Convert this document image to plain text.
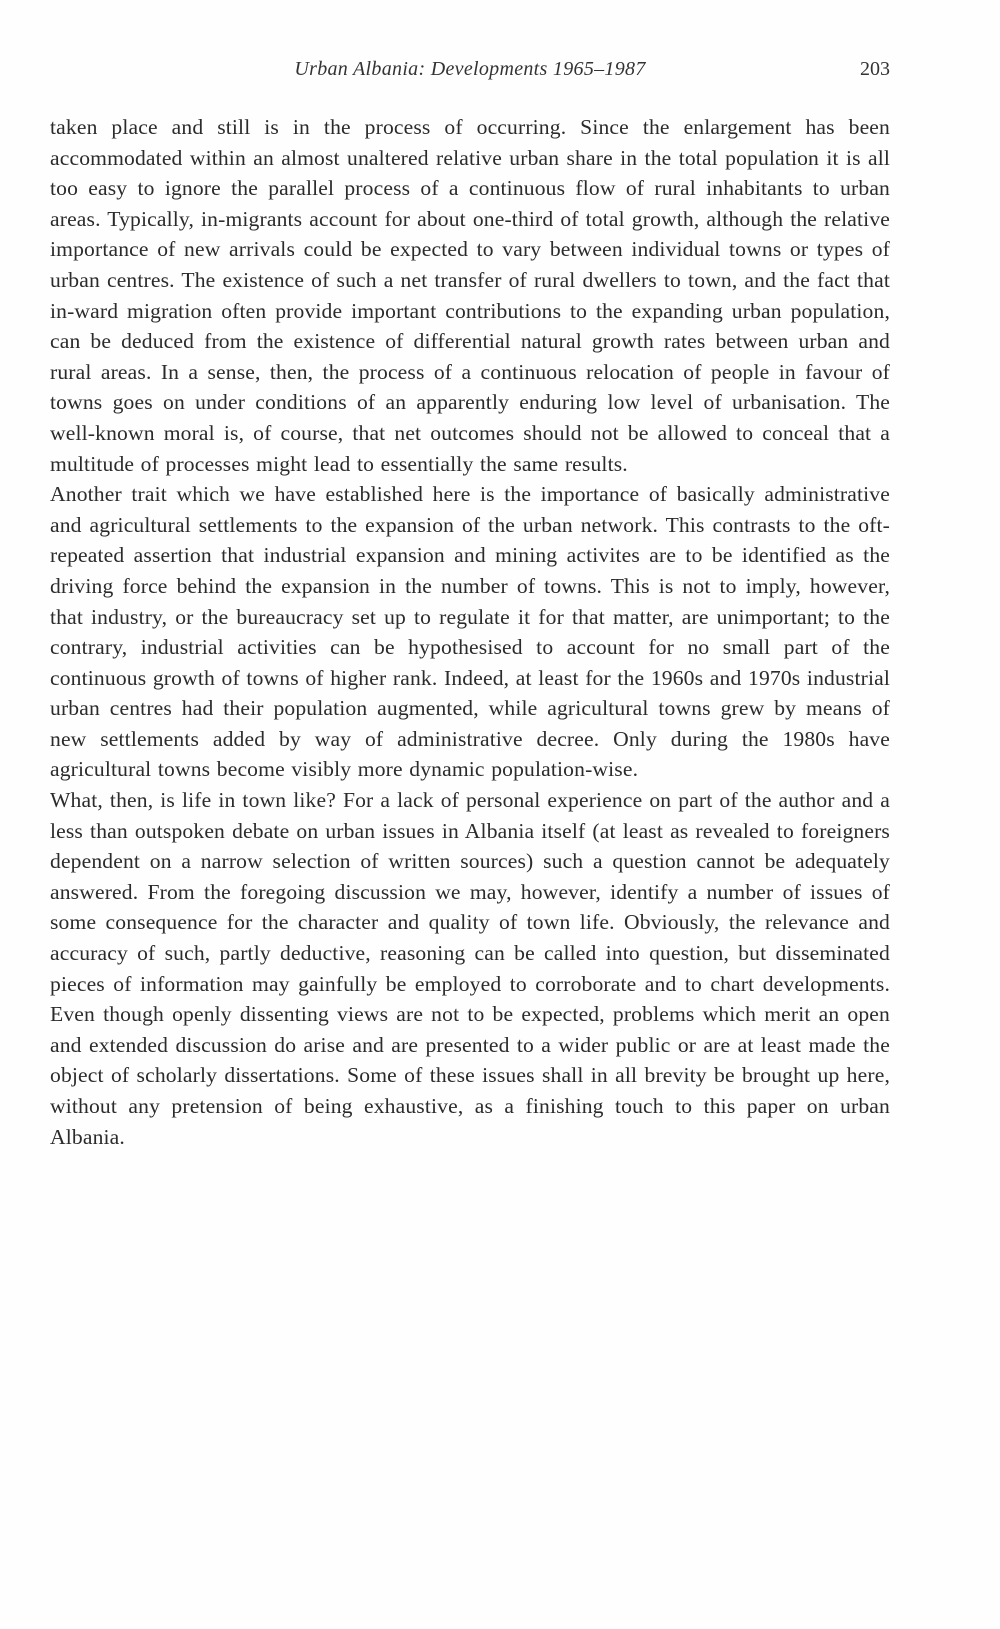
Urban Albania: Developments 1965–1987	203

taken place and still is in the process of occurring. Since the enlargement has been accommodated within an almost unaltered relative urban share in the total population it is all too easy to ignore the parallel process of a continuous flow of rural inhabitants to urban areas. Typically, in-migrants account for about one-third of total growth, although the relative importance of new arrivals could be expected to vary between individual towns or types of urban centres. The existence of such a net transfer of rural dwellers to town, and the fact that in-ward migration often provide important contributions to the expanding urban population, can be deduced from the existence of differential natural growth rates between urban and rural areas. In a sense, then, the process of a continuous relocation of people in favour of towns goes on under conditions of an apparently enduring low level of urbanisation. The well-known moral is, of course, that net outcomes should not be allowed to conceal that a multitude of processes might lead to essentially the same results.

Another trait which we have established here is the importance of basically administrative and agricultural settlements to the expansion of the urban network. This contrasts to the oft-repeated assertion that industrial expansion and mining activites are to be identified as the driving force behind the expansion in the number of towns. This is not to imply, however, that industry, or the bureaucracy set up to regulate it for that matter, are unimportant; to the contrary, industrial activities can be hypothesised to account for no small part of the continuous growth of towns of higher rank. Indeed, at least for the 1960s and 1970s industrial urban centres had their population augmented, while agricultural towns grew by means of new settlements added by way of administrative decree. Only during the 1980s have agricultural towns become visibly more dynamic population-wise.

What, then, is life in town like? For a lack of personal experience on part of the author and a less than outspoken debate on urban issues in Albania itself (at least as revealed to foreigners dependent on a narrow selection of written sources) such a question cannot be adequately answered. From the foregoing discussion we may, however, identify a number of issues of some consequence for the character and quality of town life. Obviously, the relevance and accuracy of such, partly deductive, reasoning can be called into question, but disseminated pieces of information may gainfully be employed to corroborate and to chart developments. Even though openly dissenting views are not to be expected, problems which merit an open and extended discussion do arise and are presented to a wider public or are at least made the object of scholarly dissertations. Some of these issues shall in all brevity be brought up here, without any pretension of being exhaustive, as a finishing touch to this paper on urban Albania.
